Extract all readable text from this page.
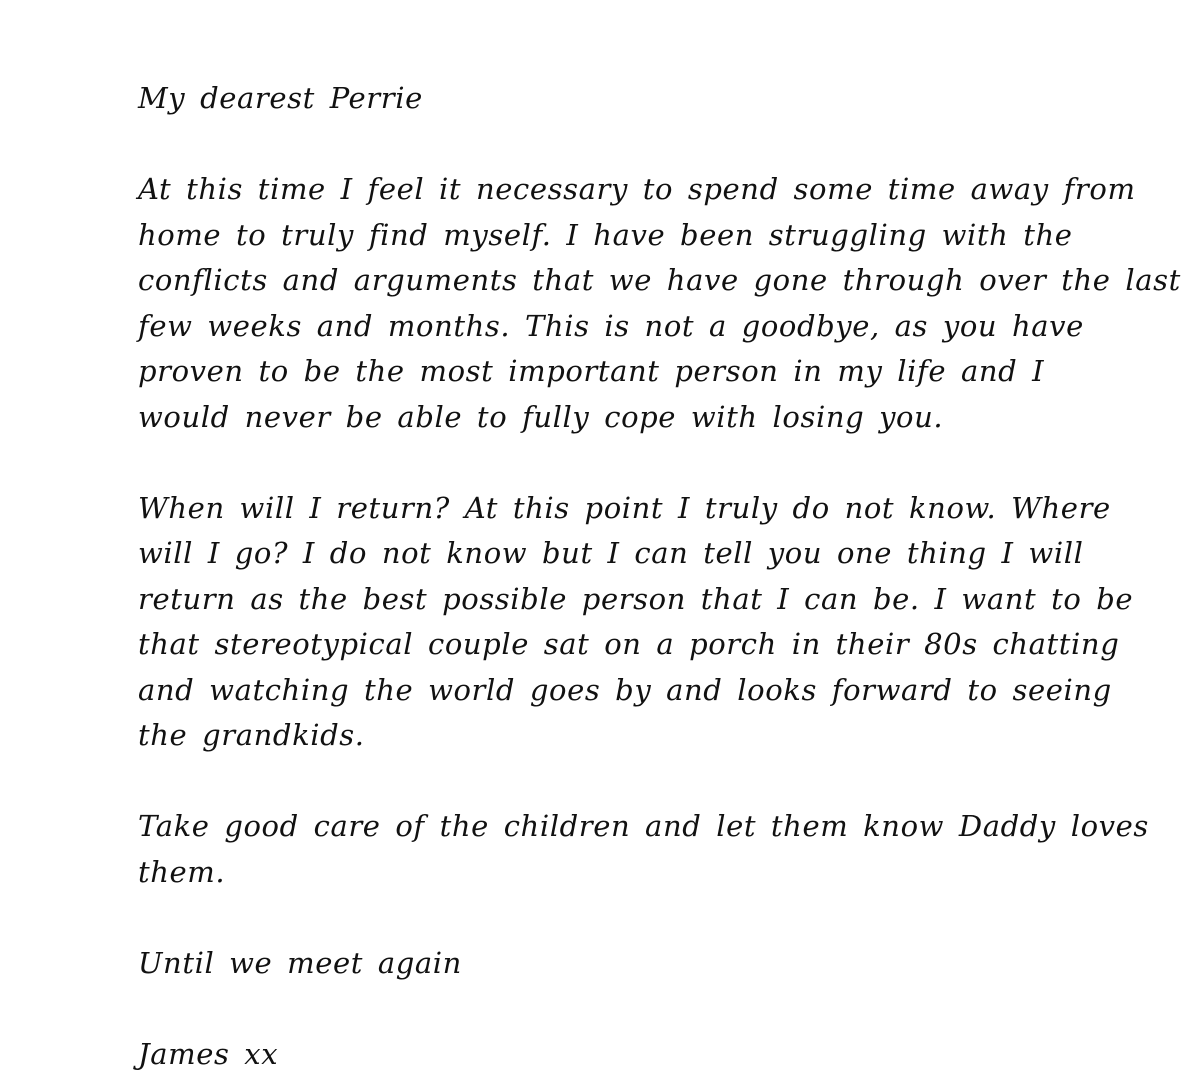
My dearest Perrie
At this time I feel it necessary to spend some time away from
home to truly find myself. I have been struggling with the
conflicts and arguments that we have gone through over the last
few weeks and months. This is not a goodbye, as you have
proven to be the most important person in my life and I
would never be able to fully cope with losing you.
When will I return? At this point I truly do not know. Where
will I go? I do not know but I can tell you one thing I will
return as the best possible person that I can be. I want to be
that stereotypical couple sat on a porch in their 80s chatting
and watching the world goes by and looks forward to seeing
the grandkids.
Take good care of the children and let them know Daddy loves
them.
Until we meet again
James xx
